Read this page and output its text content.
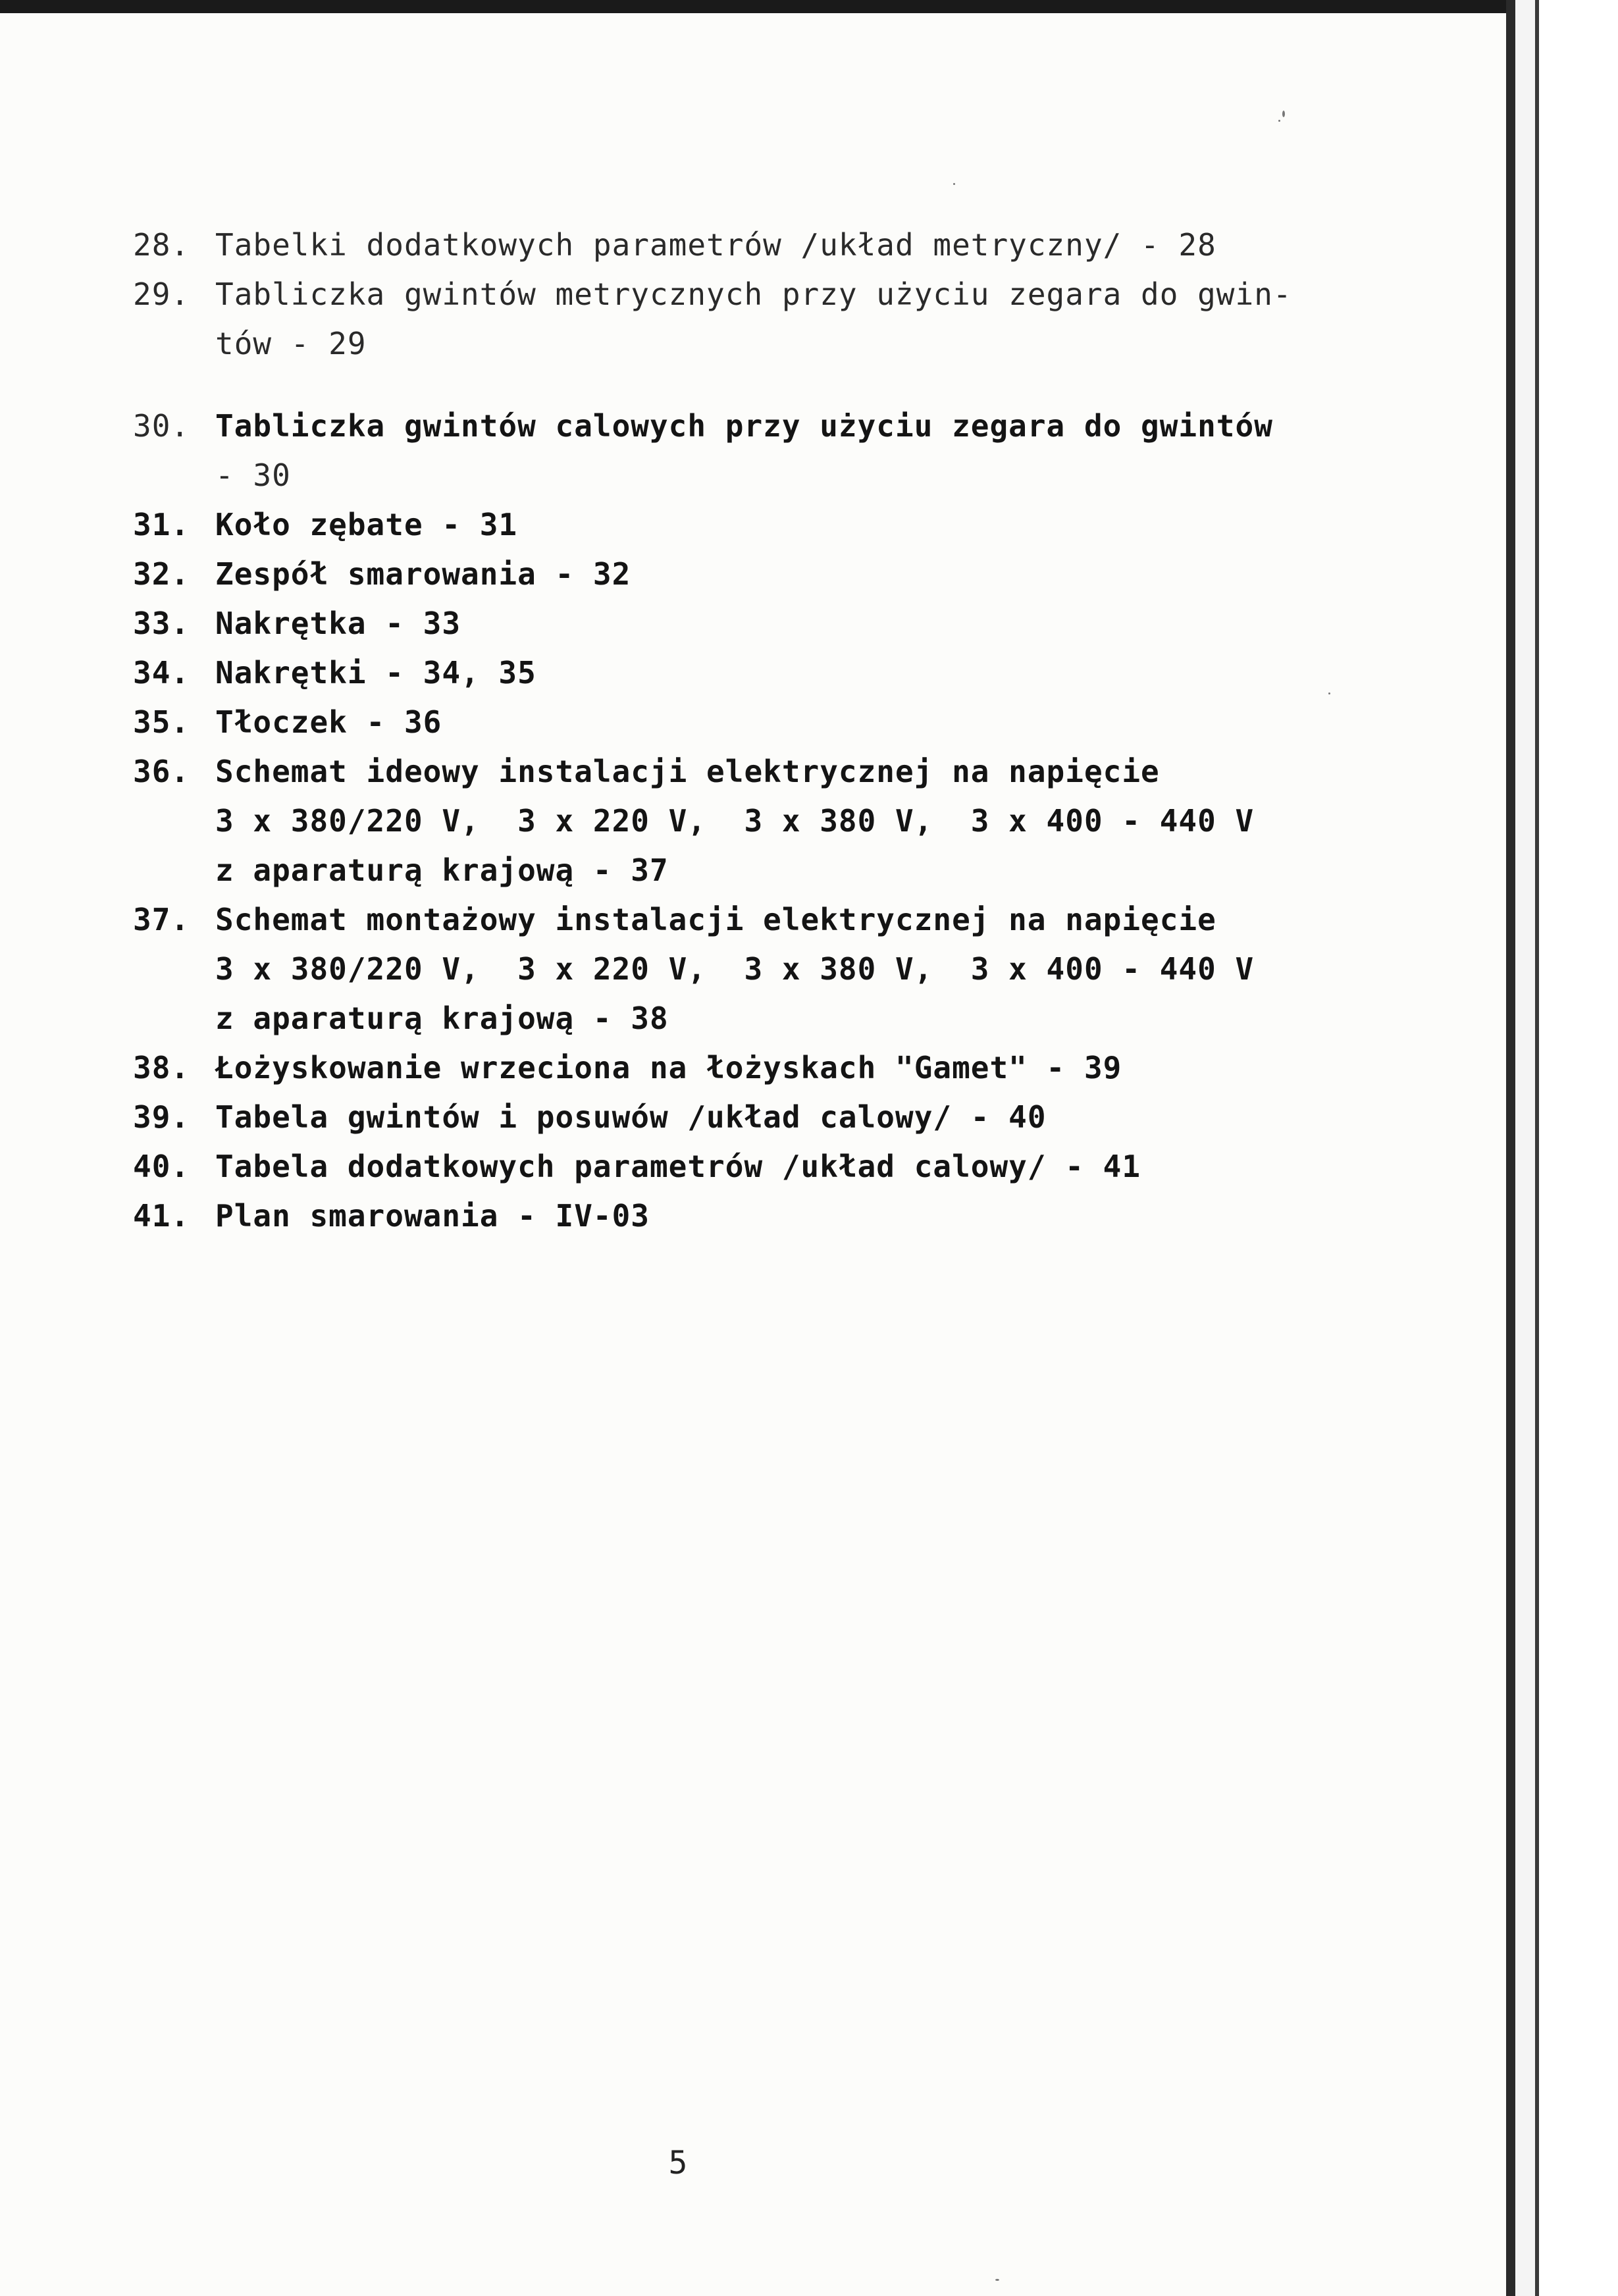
28. Tabelki dodatkowych parametrów /układ metryczny/ - 28
29. Tabliczka gwintów metrycznych przy użyciu zegara do gwin-
tów - 29
30. Tabliczka gwintów calowych przy użyciu zegara do gwintów
- 30
31. Koło zębate - 31
32. Zespół smarowania - 32
33. Nakrętka - 33
34. Nakrętki - 34, 35
35. Tłoczek - 36
36. Schemat ideowy instalacji elektrycznej na napięcie
3 x 380/220 V,  3 x 220 V,  3 x 380 V,  3 x 400 - 440 V
z aparaturą krajową - 37
37. Schemat montażowy instalacji elektrycznej na napięcie
3 x 380/220 V,  3 x 220 V,  3 x 380 V,  3 x 400 - 440 V
z aparaturą krajową - 38
38. Łożyskowanie wrzeciona na łożyskach "Gamet" - 39
39. Tabela gwintów i posuwów /układ calowy/ - 40
40. Tabela dodatkowych parametrów /układ calowy/ - 41
41. Plan smarowania - IV-03
5
